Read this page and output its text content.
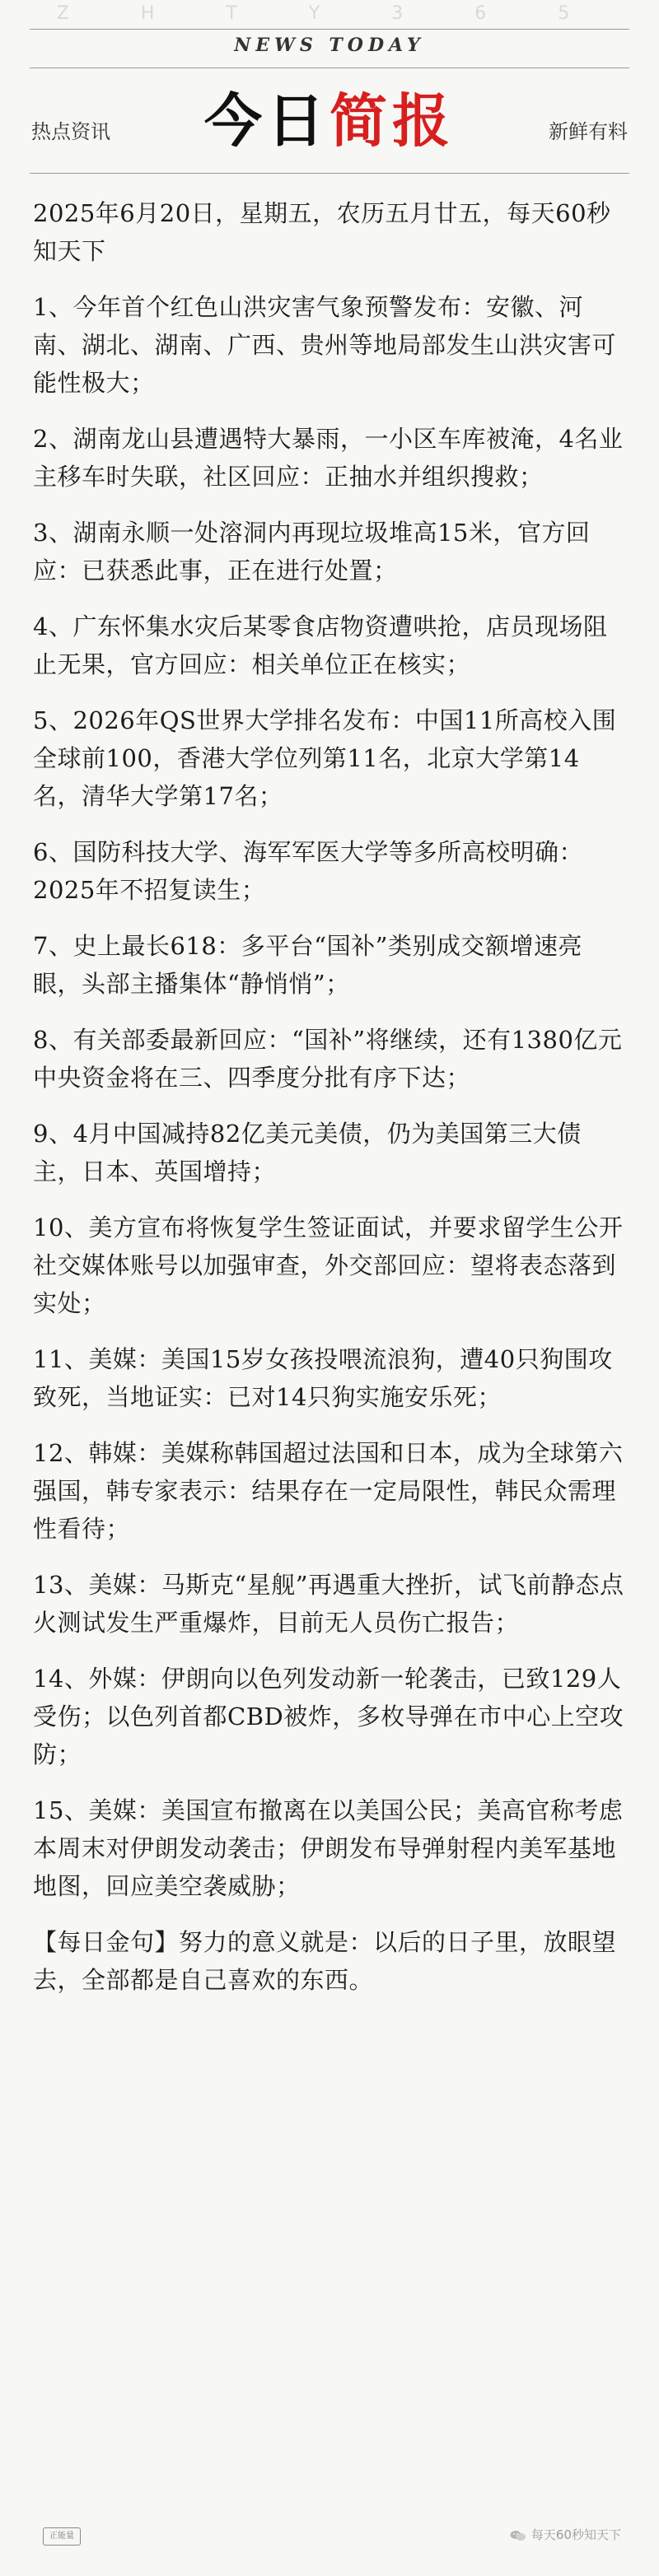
Z H T Y 3 6 5
NEWS TODAY
热点资讯	今日简报	新鲜有料

2025年6月20日，星期五，农历五月廿五，每天60秒知天下

1、今年首个红色山洪灾害气象预警发布：安徽、河南、湖北、湖南、广西、贵州等地局部发生山洪灾害可能性极大；

2、湖南龙山县遭遇特大暴雨，一小区车库被淹，4名业主移车时失联，社区回应：正抽水并组织搜救；

3、湖南永顺一处溶洞内再现垃圾堆高15米，官方回应：已获悉此事，正在进行处置；

4、广东怀集水灾后某零食店物资遭哄抢，店员现场阻止无果，官方回应：相关单位正在核实；

5、2026年QS世界大学排名发布：中国11所高校入围全球前100，香港大学位列第11名，北京大学第14名，清华大学第17名；

6、国防科技大学、海军军医大学等多所高校明确：2025年不招复读生；

7、史上最长618：多平台“国补”类别成交额增速亮眼，头部主播集体“静悄悄”；

8、有关部委最新回应：“国补”将继续，还有1380亿元中央资金将在三、四季度分批有序下达；

9、4月中国减持82亿美元美债，仍为美国第三大债主，日本、英国增持；

10、美方宣布将恢复学生签证面试，并要求留学生公开社交媒体账号以加强审查，外交部回应：望将表态落到实处；

11、美媒：美国15岁女孩投喂流浪狗，遭40只狗围攻致死，当地证实：已对14只狗实施安乐死；

12、韩媒：美媒称韩国超过法国和日本，成为全球第六强国，韩专家表示：结果存在一定局限性，韩民众需理性看待；

13、美媒：马斯克“星舰”再遇重大挫折，试飞前静态点火测试发生严重爆炸，目前无人员伤亡报告；

14、外媒：伊朗向以色列发动新一轮袭击，已致129人受伤；以色列首都CBD被炸，多枚导弹在市中心上空攻防；

15、美媒：美国宣布撤离在以美国公民；美高官称考虑本周末对伊朗发动袭击；伊朗发布导弹射程内美军基地地图，回应美空袭威胁；

【每日金句】努力的意义就是：以后的日子里，放眼望去，全部都是自己喜欢的东西。

正能量	每天60秒知天下
